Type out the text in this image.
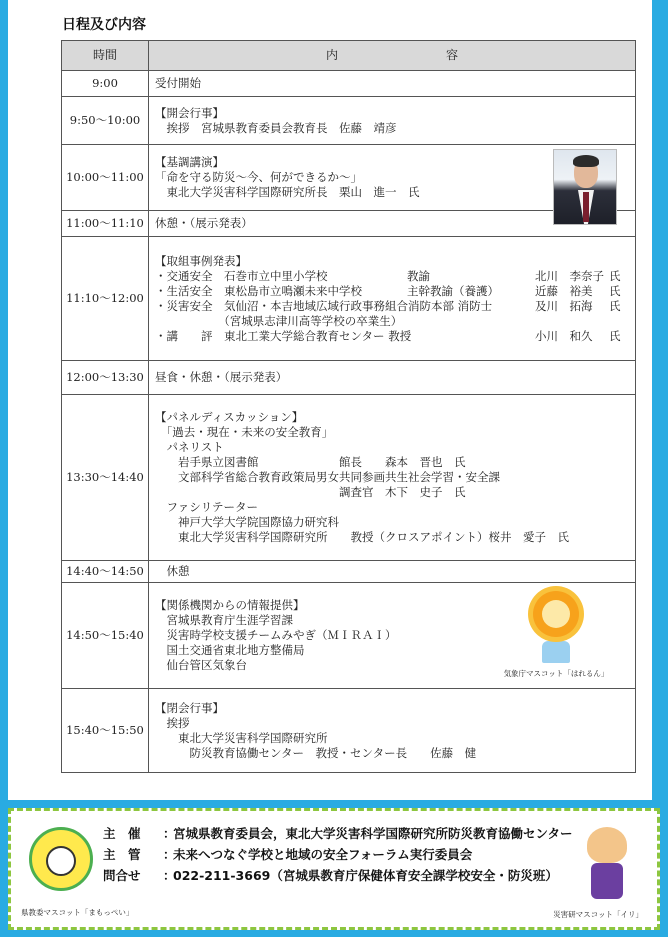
日程及び内容
時間	内　　　　　　　　　容
9:00	受付開始

9:50～10:00	【開会行事】
　挨拶　宮城県教育委員会教育長　佐藤　靖彦

10:00～11:00	【基調講演】
「命を守る防災～今、何ができるか～」
　東北大学災害科学国際研究所長　栗山　進一　氏

11:00～11:10	休憩・（展示発表）

11:10～12:00	
【取組事例発表】
・交通安全　石巻市立中里小学校	教諭	北川　李奈子 氏
・生活安全　東松島市立鳴瀬未来中学校	主幹教諭（養護）	近藤　裕美	氏
・災害安全　気仙沼・本吉地域広域行政事務組合消防本部 消防士	及川　拓海	氏
　　　　　　（宮城県志津川高等学校の卒業生）
・講　　評　東北工業大学総合教育センター 教授	小川　和久	氏

12:00～13:30	昼食・休憩・（展示発表）

13:30～14:40	
【パネルディスカッション】
　「過去・現在・未来の安全教育」
　パネリスト
　　岩手県立図書館　　　　　　　館長　　森本　晋也　氏
　　文部科学省総合教育政策局男女共同参画共生社会学習・安全課
　　　　　　　　　　　　　　　　調査官　木下　史子　氏
　ファシリテーター
　　神戸大学大学院国際協力研究科
　　東北大学災害科学国際研究所　　教授（クロスアポイント）桜井　愛子　氏

14:40～14:50	　休憩

14:50～15:40	
【関係機関からの情報提供】
　宮城県教育庁生涯学習課
　災害時学校支援チームみやぎ（ＭＩＲＡＩ）
　国土交通省東北地方整備局
　仙台管区気象台
気象庁マスコット「はれるん」

15:40～15:50	【閉会行事】
　挨拶
　　東北大学災害科学国際研究所
　　　防災教育協働センター　教授・センター長　　佐藤　健
県教委マスコット「まもっぺい」
主　催	：
宮城県教育委員会，東北大学災害科学国際研究所防災教育協働センター
主　管	：
未来へつなぐ学校と地域の安全フォーラム実行委員会
問合せ	：
022-211-3669（宮城県教育庁保健体育安全課学校安全・防災班）
災害研マスコット「イリ」
